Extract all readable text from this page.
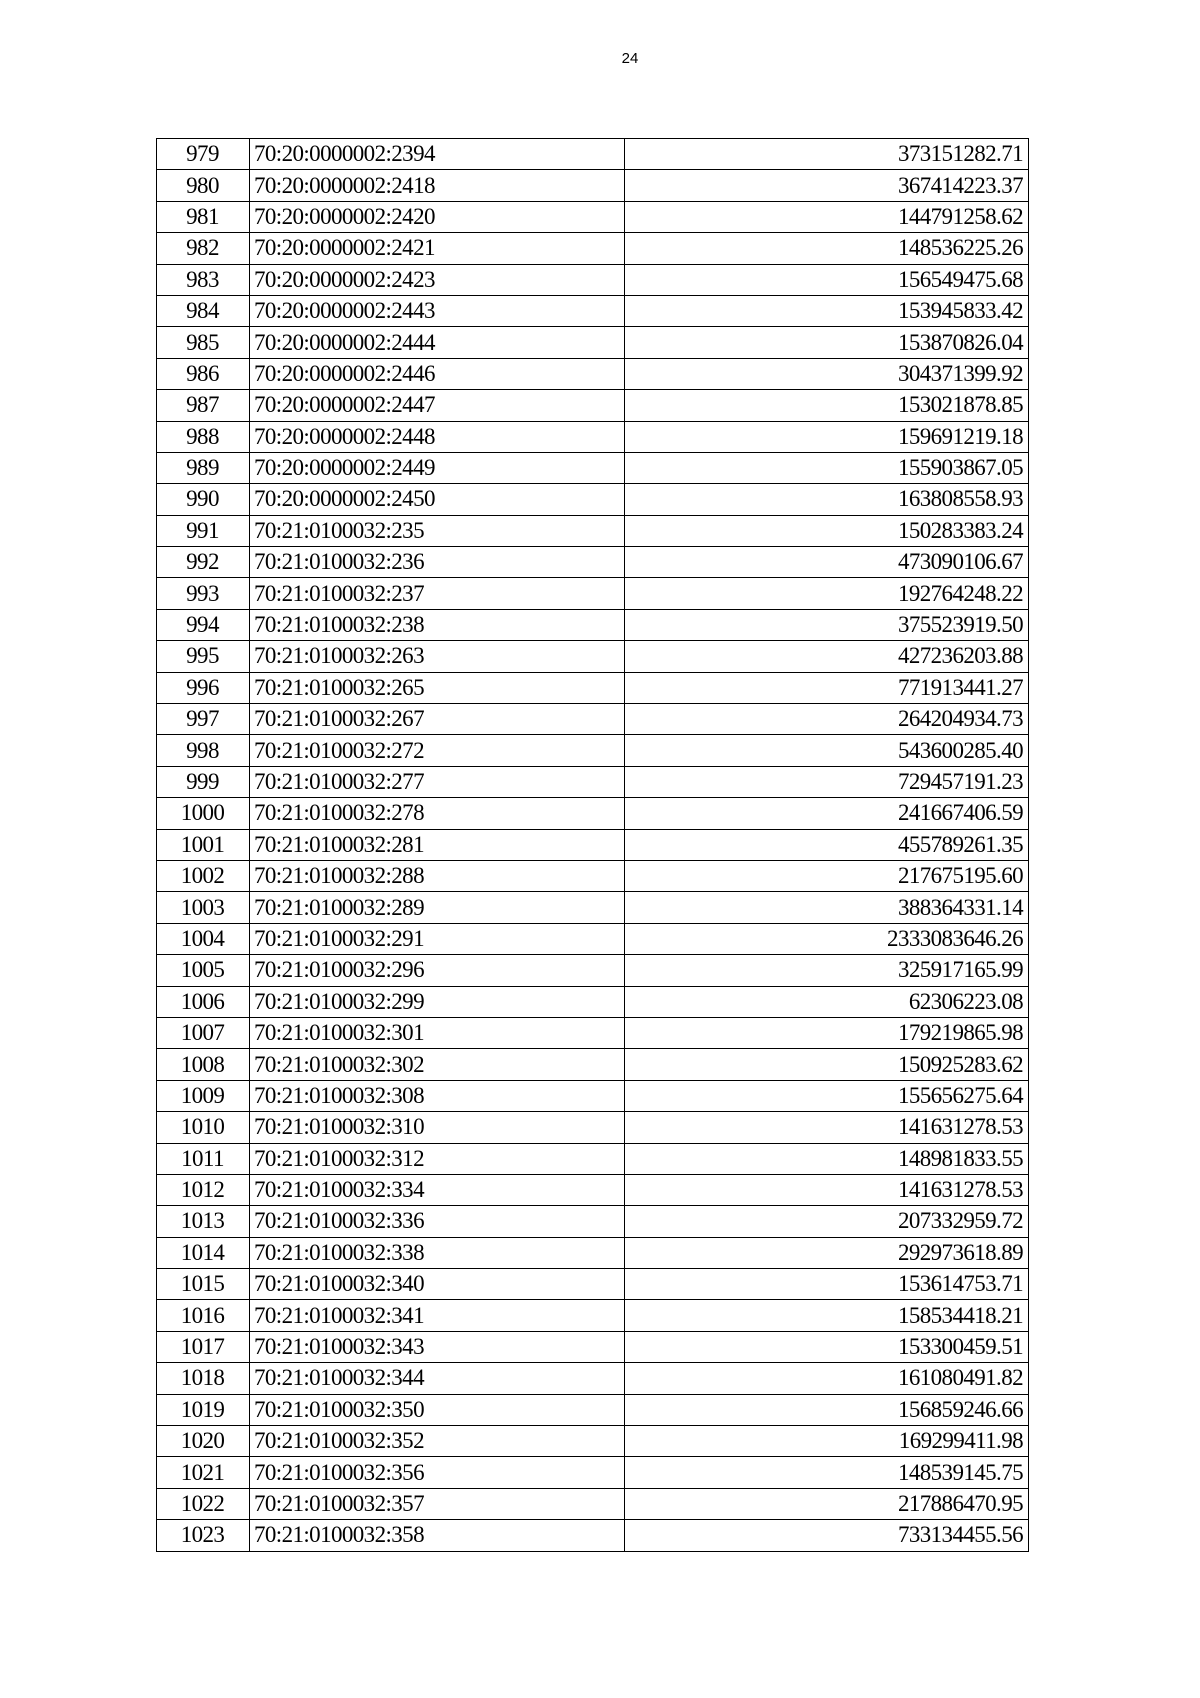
24
979	70:20:0000002:2394	373151282.71
980	70:20:0000002:2418	367414223.37
981	70:20:0000002:2420	144791258.62
982	70:20:0000002:2421	148536225.26
983	70:20:0000002:2423	156549475.68
984	70:20:0000002:2443	153945833.42
985	70:20:0000002:2444	153870826.04
986	70:20:0000002:2446	304371399.92
987	70:20:0000002:2447	153021878.85
988	70:20:0000002:2448	159691219.18
989	70:20:0000002:2449	155903867.05
990	70:20:0000002:2450	163808558.93
991	70:21:0100032:235	150283383.24
992	70:21:0100032:236	473090106.67
993	70:21:0100032:237	192764248.22
994	70:21:0100032:238	375523919.50
995	70:21:0100032:263	427236203.88
996	70:21:0100032:265	771913441.27
997	70:21:0100032:267	264204934.73
998	70:21:0100032:272	543600285.40
999	70:21:0100032:277	729457191.23
1000	70:21:0100032:278	241667406.59
1001	70:21:0100032:281	455789261.35
1002	70:21:0100032:288	217675195.60
1003	70:21:0100032:289	388364331.14
1004	70:21:0100032:291	2333083646.26
1005	70:21:0100032:296	325917165.99
1006	70:21:0100032:299	62306223.08
1007	70:21:0100032:301	179219865.98
1008	70:21:0100032:302	150925283.62
1009	70:21:0100032:308	155656275.64
1010	70:21:0100032:310	141631278.53
1011	70:21:0100032:312	148981833.55
1012	70:21:0100032:334	141631278.53
1013	70:21:0100032:336	207332959.72
1014	70:21:0100032:338	292973618.89
1015	70:21:0100032:340	153614753.71
1016	70:21:0100032:341	158534418.21
1017	70:21:0100032:343	153300459.51
1018	70:21:0100032:344	161080491.82
1019	70:21:0100032:350	156859246.66
1020	70:21:0100032:352	169299411.98
1021	70:21:0100032:356	148539145.75
1022	70:21:0100032:357	217886470.95
1023	70:21:0100032:358	733134455.56
